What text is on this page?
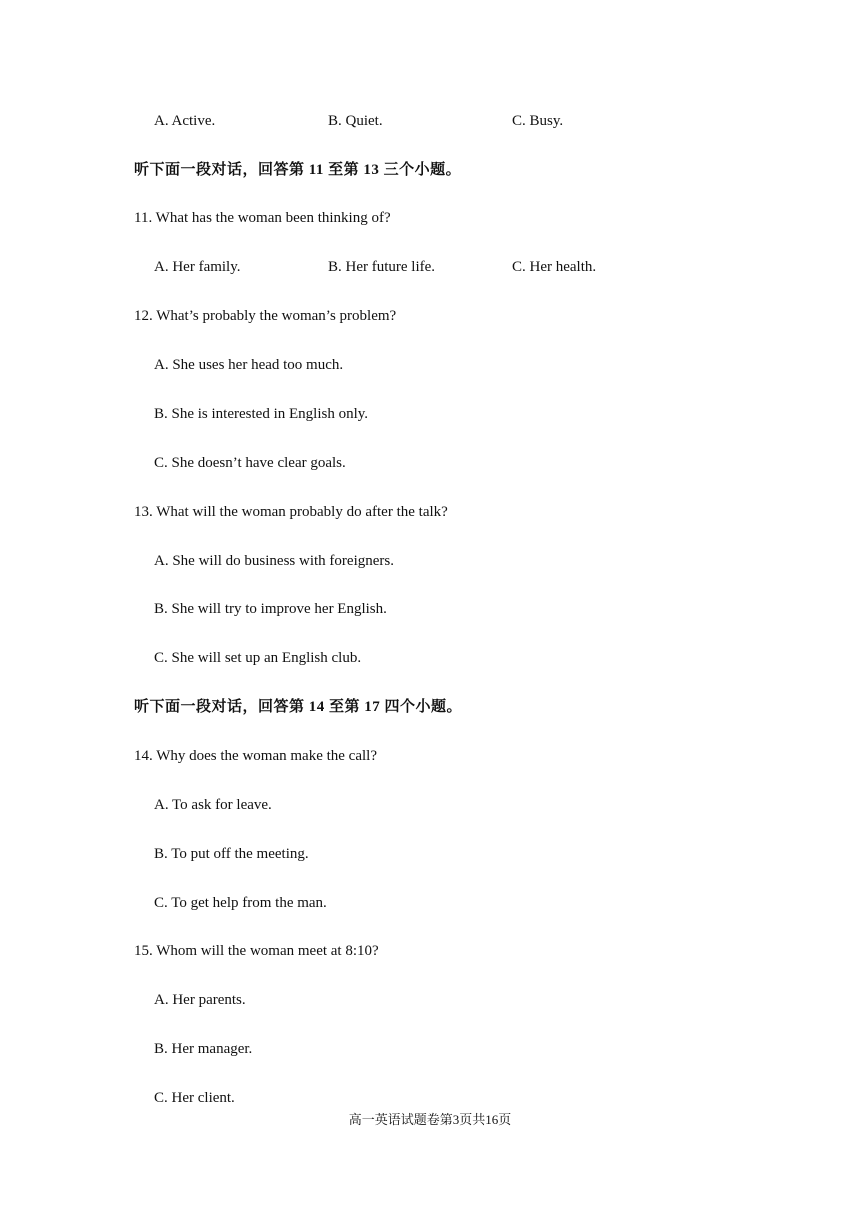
A. Active.	B. Quiet.	C. Busy.
听下面一段对话，回答第 11 至第 13 三个小题。
11. What has the woman been thinking of?
A. Her family.	B. Her future life.	C. Her health.
12. What’s probably the woman’s problem?
A. She uses her head too much.
B. She is interested in English only.
C. She doesn’t have clear goals.
13. What will the woman probably do after the talk?
A. She will do business with foreigners.
B. She will try to improve her English.
C. She will set up an English club.
听下面一段对话，回答第 14 至第 17 四个小题。
14. Why does the woman make the call?
A. To ask for leave.
B. To put off the meeting.
C. To get help from the man.
15. Whom will the woman meet at 8:10?
A. Her parents.
B. Her manager.
C. Her client.
高一英语试题卷第3页共16页
